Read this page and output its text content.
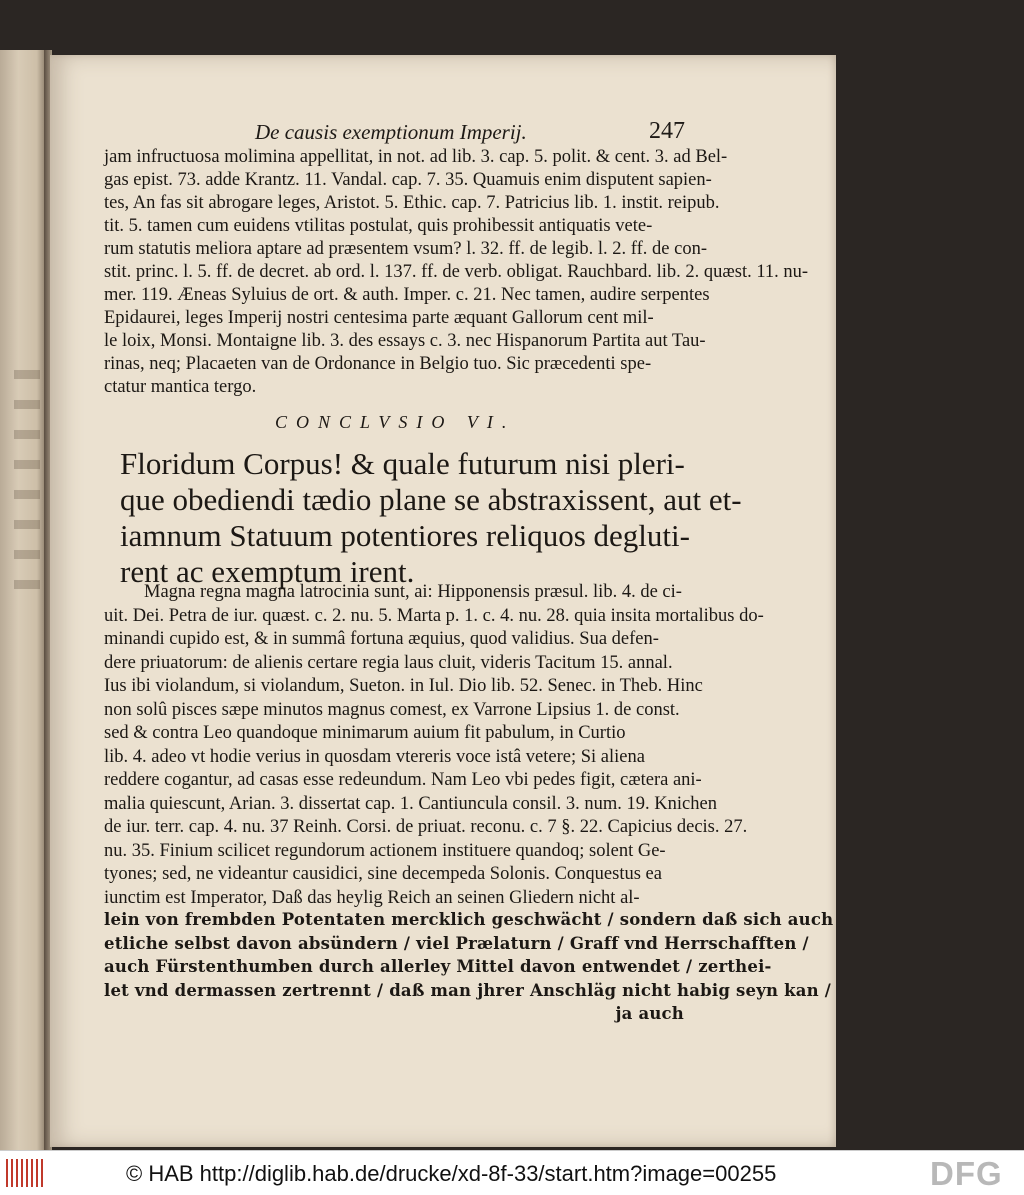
De causis exemptionum Imperij.	247
jam infructuosa molimina appellitat, in not. ad lib. 3. cap. 5. polit. & cent. 3. ad Bel-
gas epist. 73. adde Krantz. 11. Vandal. cap. 7. 35. Quamuis enim disputent sapien-
tes, An fas sit abrogare leges, Aristot. 5. Ethic. cap. 7. Patricius lib. 1. instit. reipub.
tit. 5. tamen cum euidens vtilitas postulat, quis prohibessit antiquatis vete-
rum statutis meliora aptare ad præsentem vsum? l. 32. ff. de legib. l. 2. ff. de con-
stit. princ. l. 5. ff. de decret. ab ord. l. 137. ff. de verb. obligat. Rauchbard. lib. 2. quæst. 11. nu-
mer. 119. Æneas Syluius de ort. & auth. Imper. c. 21. Nec tamen, audire serpentes
Epidaurei, leges Imperij nostri centesima parte æquant Gallorum cent mil-
le loix, Monsi. Montaigne lib. 3. des essays c. 3. nec Hispanorum Partita aut Tau-
rinas, neq; Placaeten van de Ordonance in Belgio tuo. Sic præcedenti spe-
ctatur mantica tergo.
CONCLVSIO VI.
Floridum Corpus! & quale futurum nisi pleri-
que obediendi tædio plane se abstraxissent, aut et-
iamnum Statuum potentiores reliquos degluti-
rent ac exemptum irent.
Magna regna magna latrocinia sunt, ai: Hipponensis præsul. lib. 4. de ci-
uit. Dei. Petra de iur. quæst. c. 2. nu. 5. Marta p. 1. c. 4. nu. 28. quia insita mortalibus do-
minandi cupido est, & in summâ fortuna æquius, quod validius. Sua defen-
dere priuatorum: de alienis certare regia laus cluit, videris Tacitum 15. annal.
Ius ibi violandum, si violandum, Sueton. in Iul. Dio lib. 52. Senec. in Theb. Hinc
non solû pisces sæpe minutos magnus comest, ex Varrone Lipsius 1. de const.
sed & contra Leo quandoque minimarum auium fit pabulum, in Curtio
lib. 4. adeo vt hodie verius in quosdam vtereris voce istâ vetere; Si aliena
reddere cogantur, ad casas esse redeundum. Nam Leo vbi pedes figit, cætera ani-
malia quiescunt, Arian. 3. dissertat cap. 1. Cantiuncula consil. 3. num. 19. Knichen
de iur. terr. cap. 4. nu. 37 Reinh. Corsi. de priuat. reconu. c. 7 §. 22. Capicius decis. 27.
nu. 35. Finium scilicet regundorum actionem instituere quandoq; solent Ge-
tyones; sed, ne videantur causidici, sine decempeda Solonis. Conquestus ea
iunctim est Imperator, Daß das heylig Reich an seinen Gliedern nicht al-
lein von frembden Potentaten mercklich geschwächt / sondern daß sich auch
etliche selbst davon absündern / viel Prælaturn / Graff vnd Herrschafften /
auch Fürstenthumben durch allerley Mittel davon entwendet / zerthei-
let vnd dermassen zertrennt / daß man jhrer Anschläg nicht habig seyn kan /
ja auch
© HAB http://diglib.hab.de/drucke/xd-8f-33/start.htm?image=00255	DFG
